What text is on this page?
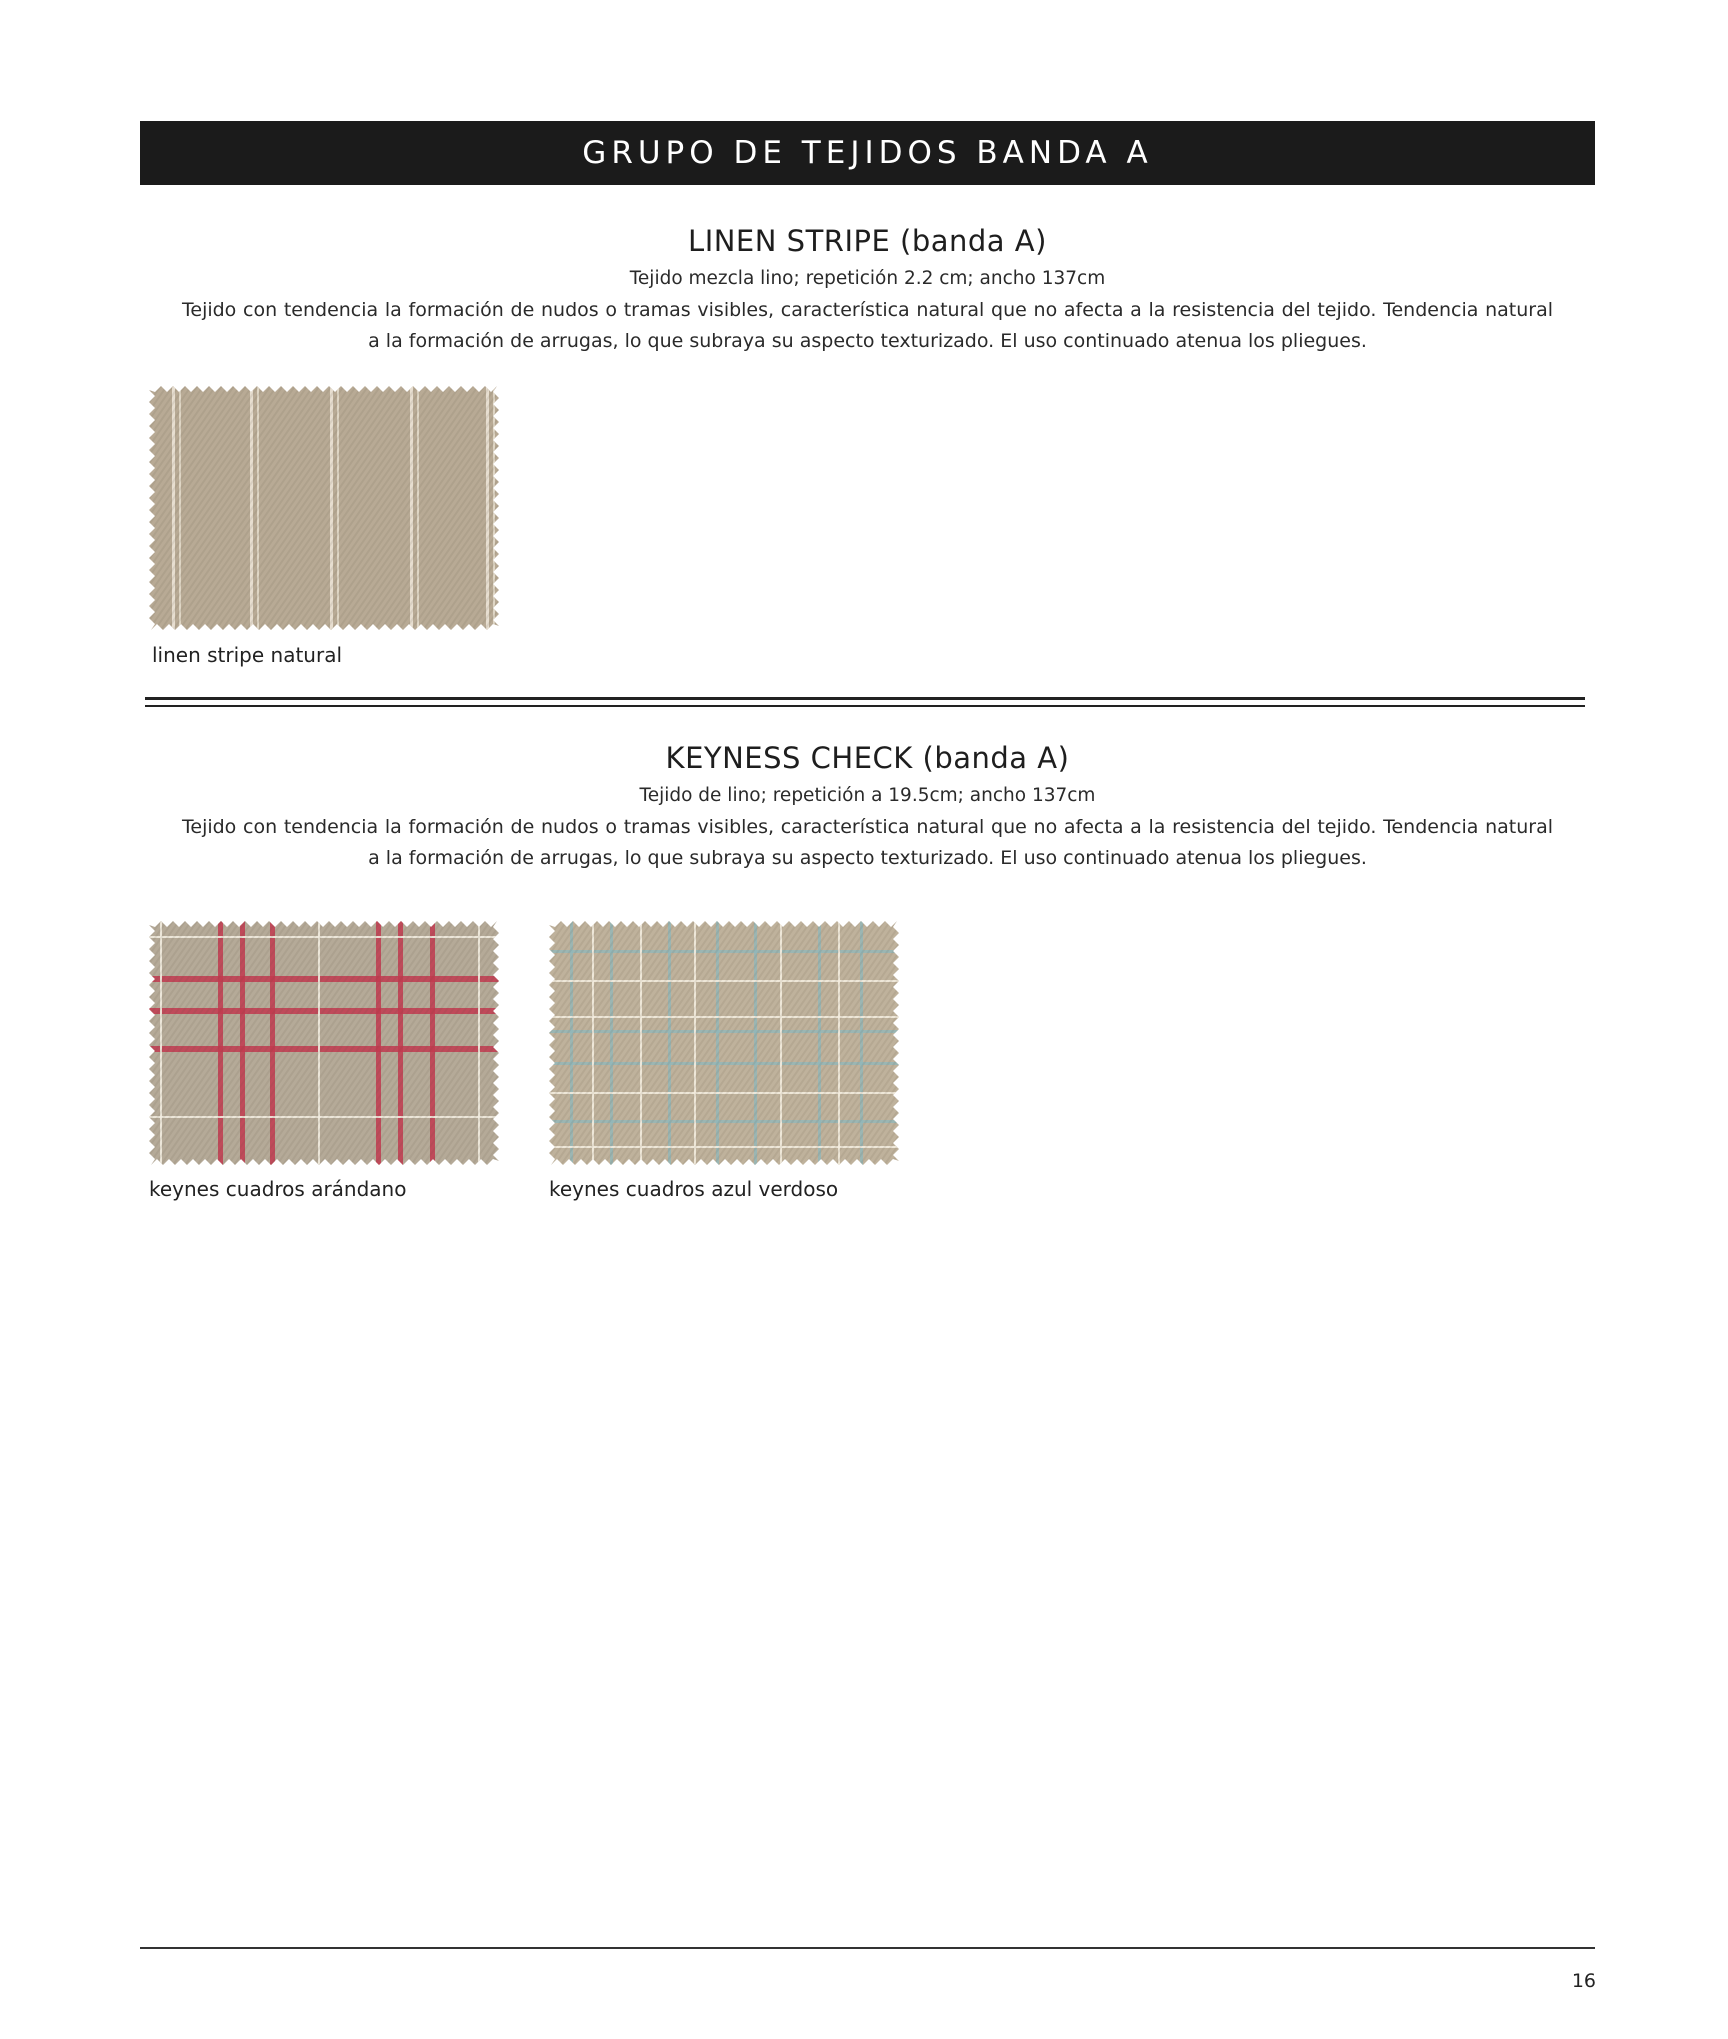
GRUPO DE TEJIDOS BANDA A
LINEN STRIPE (banda A)
Tejido mezcla lino; repetición 2.2 cm; ancho 137cm
Tejido con tendencia la formación de nudos o tramas visibles, característica natural que no afecta a la resistencia del tejido. Tendencia natural a la formación de arrugas, lo que subraya su aspecto texturizado. El uso continuado atenua los pliegues.
linen stripe natural
KEYNESS CHECK (banda A)
Tejido de lino; repetición a 19.5cm; ancho 137cm
Tejido con tendencia la formación de nudos o tramas visibles, característica natural que no afecta a la resistencia del tejido. Tendencia natural a la formación de arrugas, lo que subraya su aspecto texturizado. El uso continuado atenua los pliegues.
keynes cuadros arándano	keynes cuadros azul verdoso
16
